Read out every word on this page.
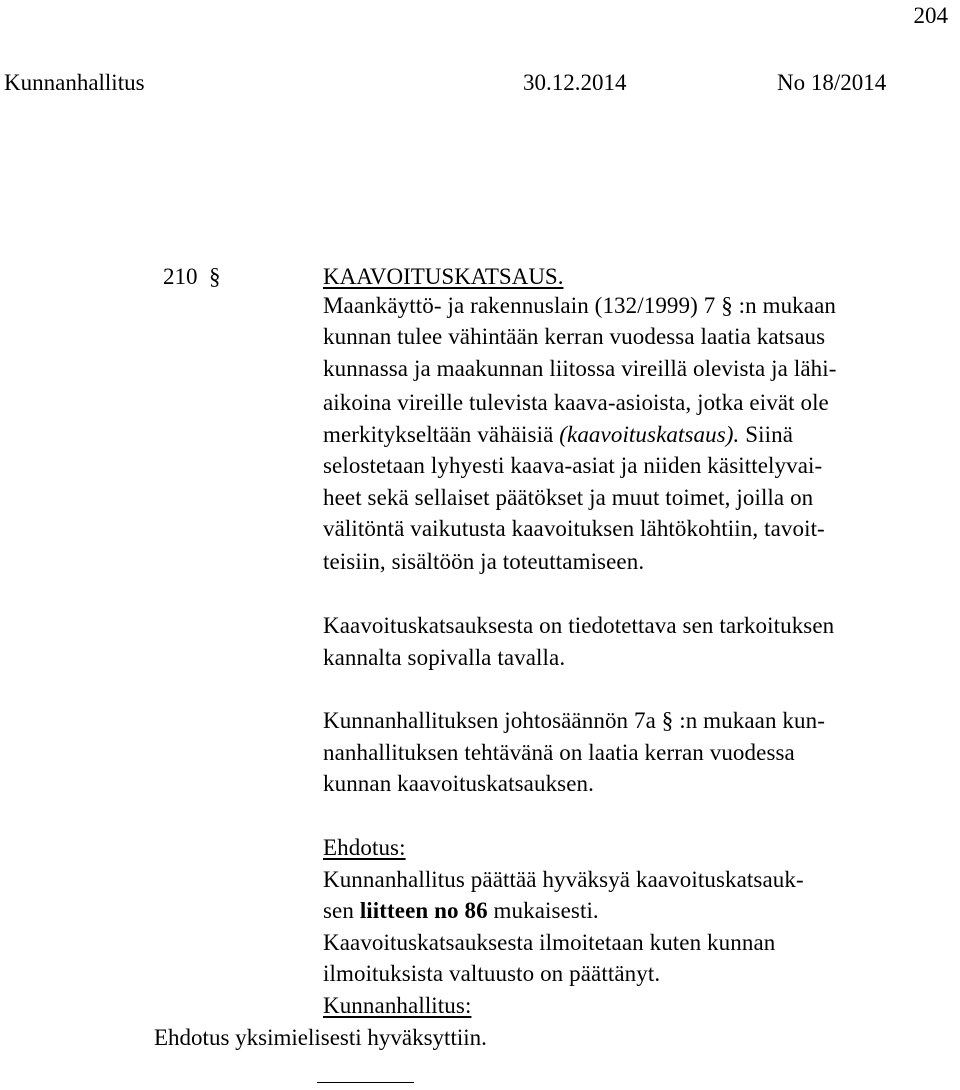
204
Kunnanhallitus	30.12.2014	No 18/2014
210 §	KAAVOITUSKATSAUS.
Maankäyttö- ja rakennuslain (132/1999) 7 § :n mukaan
kunnan tulee vähintään kerran vuodessa laatia katsaus
kunnassa ja maakunnan liitossa vireillä olevista ja lähi-
aikoina vireille tulevista kaava-asioista, jotka eivät ole
merkitykseltään vähäisiä (kaavoituskatsaus). Siinä
selostetaan lyhyesti kaava-asiat ja niiden käsittelyvai-
heet sekä sellaiset päätökset ja muut toimet, joilla on
välitöntä vaikutusta kaavoituksen lähtökohtiin, tavoit-
teisiin, sisältöön ja toteuttamiseen.
Kaavoituskatsauksesta on tiedotettava sen tarkoituksen
kannalta sopivalla tavalla.
Kunnanhallituksen johtosäännön 7a § :n mukaan kun-
nanhallituksen tehtävänä on laatia kerran vuodessa
kunnan kaavoituskatsauksen.
Ehdotus:
Kunnanhallitus päättää hyväksyä kaavoituskatsauk-
sen liitteen no 86 mukaisesti.
Kaavoituskatsauksesta ilmoitetaan kuten kunnan
ilmoituksista valtuusto on päättänyt.
Kunnanhallitus:
Ehdotus yksimielisesti hyväksyttiin.
